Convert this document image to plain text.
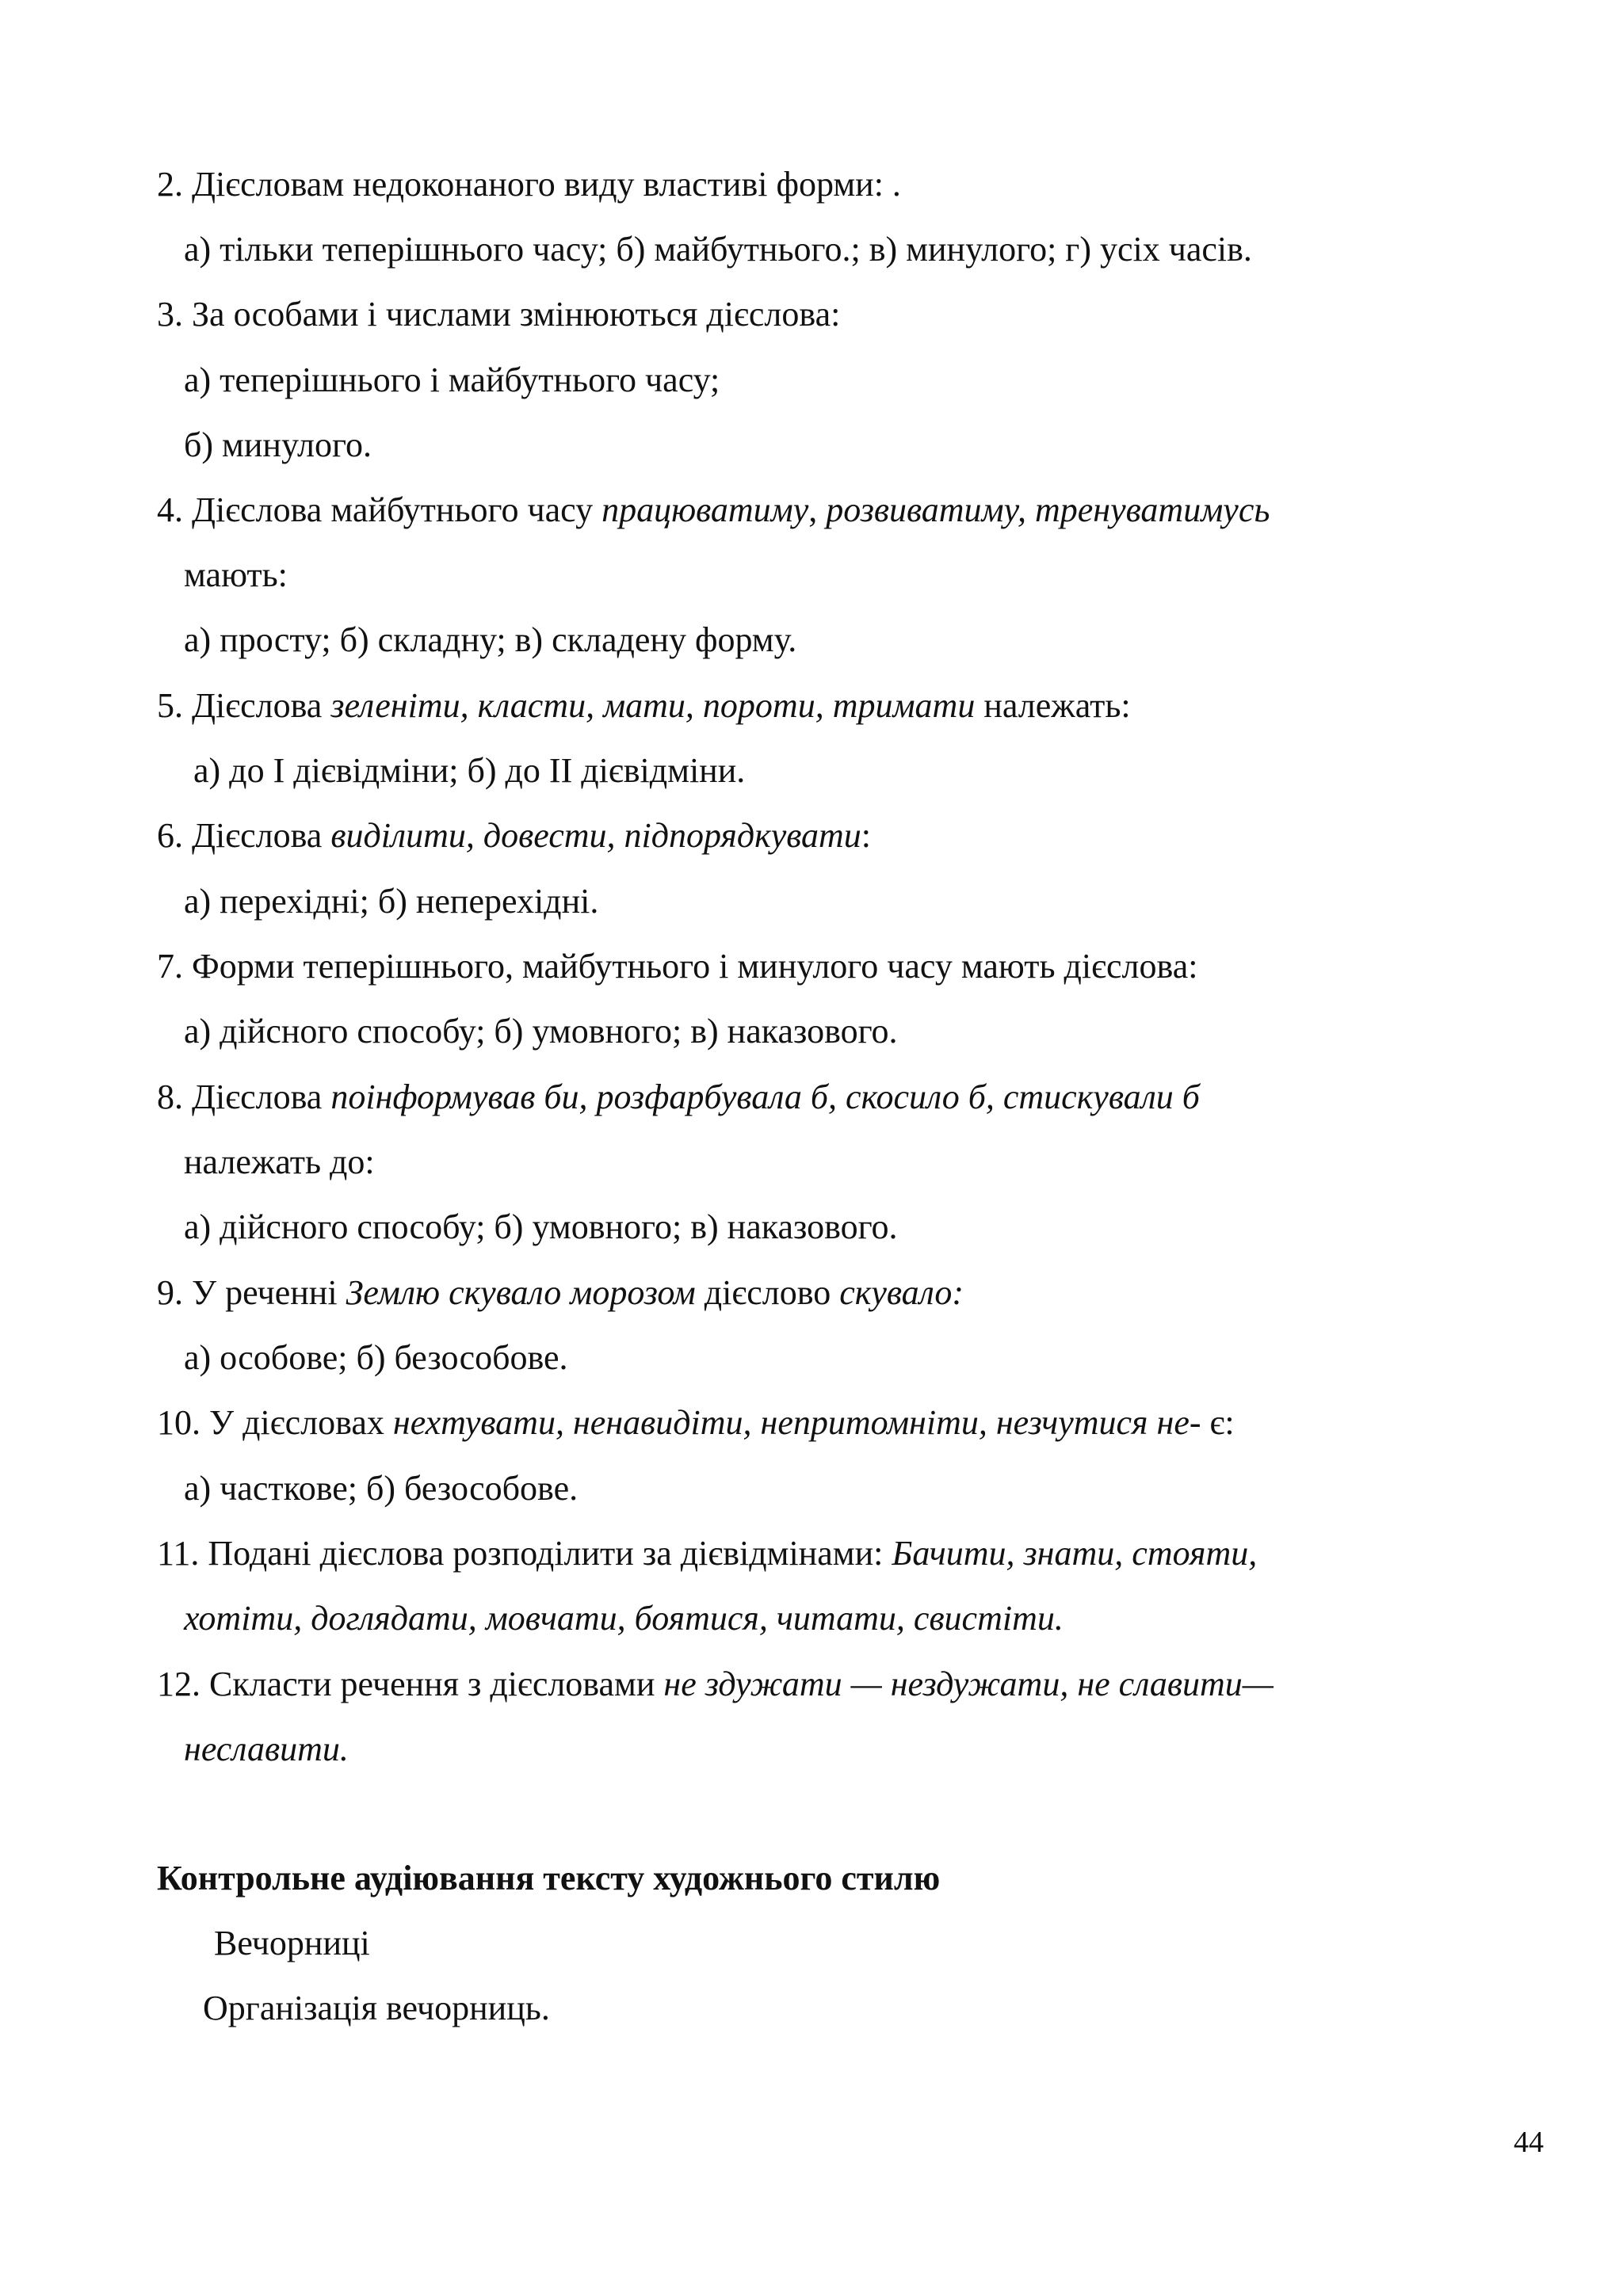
2. Дієсловам недоконаного виду властиві форми: .
а) тільки теперішнього часу; б) майбутнього.; в) минулого; г) усіх часів.
3. За особами і числами змінюються дієслова:
а) теперішнього і майбутнього часу;
б) минулого.
4. Дієслова майбутнього часу працюватиму, розвиватиму, тренуватимусь
мають:
а) просту; б) складну; в) складену форму.
5. Дієслова зеленіти, класти, мати, пороти, тримати належать:
а) до І дієвідміни; б) до ІІ дієвідміни.
6. Дієслова виділити, довести, підпорядкувати:
а) перехідні; б) неперехідні.
7. Форми теперішнього, майбутнього і минулого часу мають дієслова:
а) дійсного способу; б) умовного; в) наказового.
8. Дієслова поінформував би, розфарбувала б, скосило б, стискували б
належать до:
а) дійсного способу; б) умовного; в) наказового.
9. У реченні Землю скувало морозом дієслово скувало:
а) особове; б) безособове.
10. У дієсловах нехтувати, ненавидіти, непритомніти, незчутися не- є:
а) часткове; б) безособове.
11. Подані дієслова розподілити за дієвідмінами: Бачити, знати, стояти,
хотіти, доглядати, мовчати, боятися, читати, свистіти.
12. Скласти речення з дієсловами не здужати — нездужати, не славити—
неславити.
Контрольне аудіювання тексту художнього стилю
Вечорниці
Організація вечорниць.
44
